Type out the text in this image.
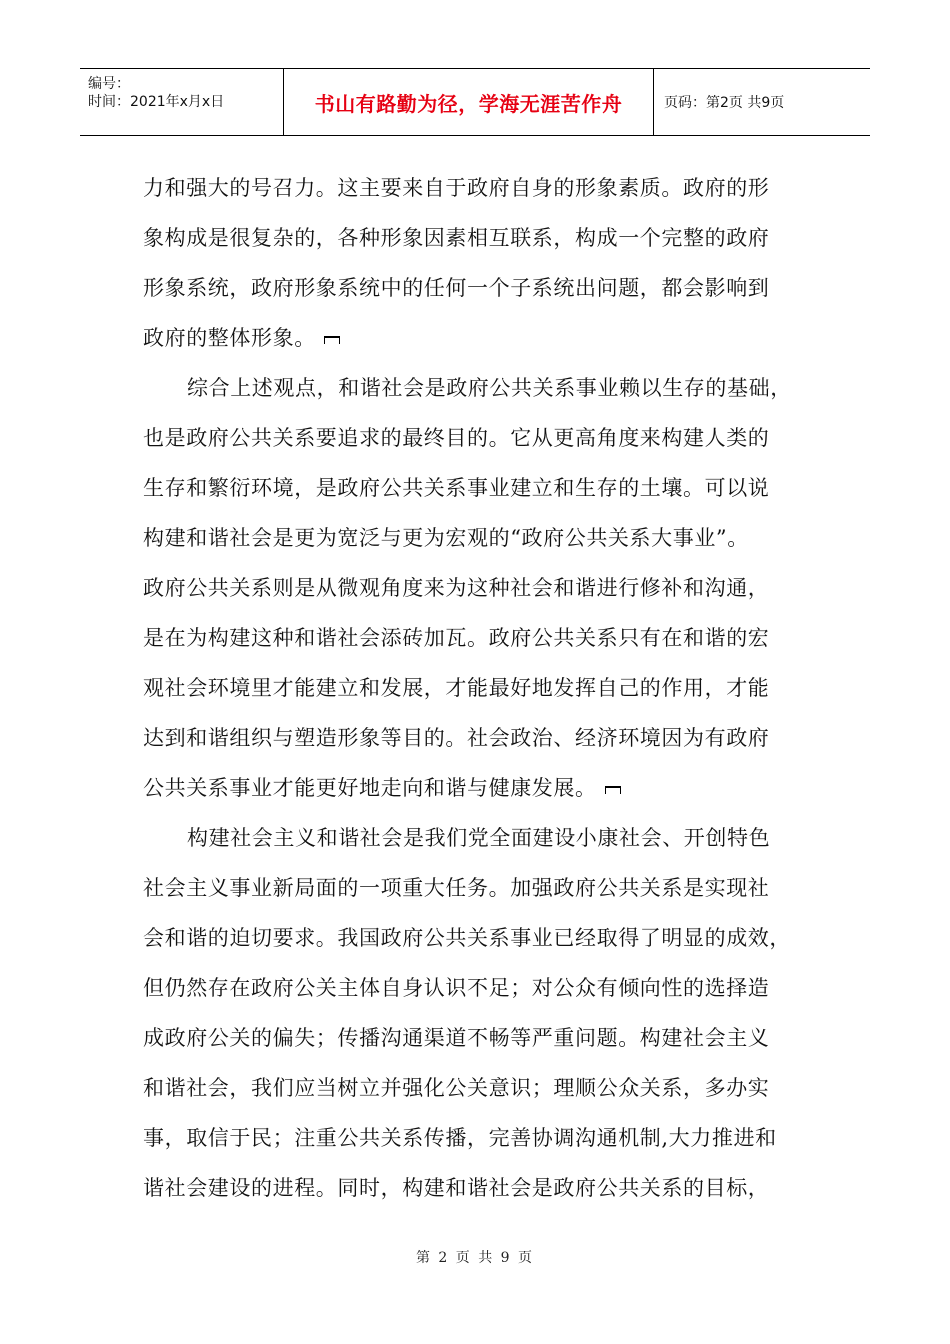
编号：
时间：2021年x月x日	书山有路勤为径，学海无涯苦作舟	页码：第2页 共9页
力和强大的号召力。这主要来自于政府自身的形象素质。政府的形
象构成是很复杂的，各种形象因素相互联系，构成一个完整的政府
形象系统，政府形象系统中的任何一个子系统出问题，都会影响到
政府的整体形象。
综合上述观点，和谐社会是政府公共关系事业赖以生存的基础，
也是政府公共关系要追求的最终目的。它从更高角度来构建人类的
生存和繁衍环境，是政府公共关系事业建立和生存的土壤。可以说
构建和谐社会是更为宽泛与更为宏观的“政府公共关系大事业”。
政府公共关系则是从微观角度来为这种社会和谐进行修补和沟通，
是在为构建这种和谐社会添砖加瓦。政府公共关系只有在和谐的宏
观社会环境里才能建立和发展，才能最好地发挥自己的作用，才能
达到和谐组织与塑造形象等目的。社会政治、经济环境因为有政府
公共关系事业才能更好地走向和谐与健康发展。
构建社会主义和谐社会是我们党全面建设小康社会、开创特色
社会主义事业新局面的一项重大任务。加强政府公共关系是实现社
会和谐的迫切要求。我国政府公共关系事业已经取得了明显的成效，
但仍然存在政府公关主体自身认识不足；对公众有倾向性的选择造
成政府公关的偏失；传播沟通渠道不畅等严重问题。构建社会主义
和谐社会，我们应当树立并强化公关意识；理顺公众关系，多办实
事，取信于民；注重公共关系传播，完善协调沟通机制,大力推进和
谐社会建设的进程。同时，构建和谐社会是政府公共关系的目标，
第 2 页 共 9 页
